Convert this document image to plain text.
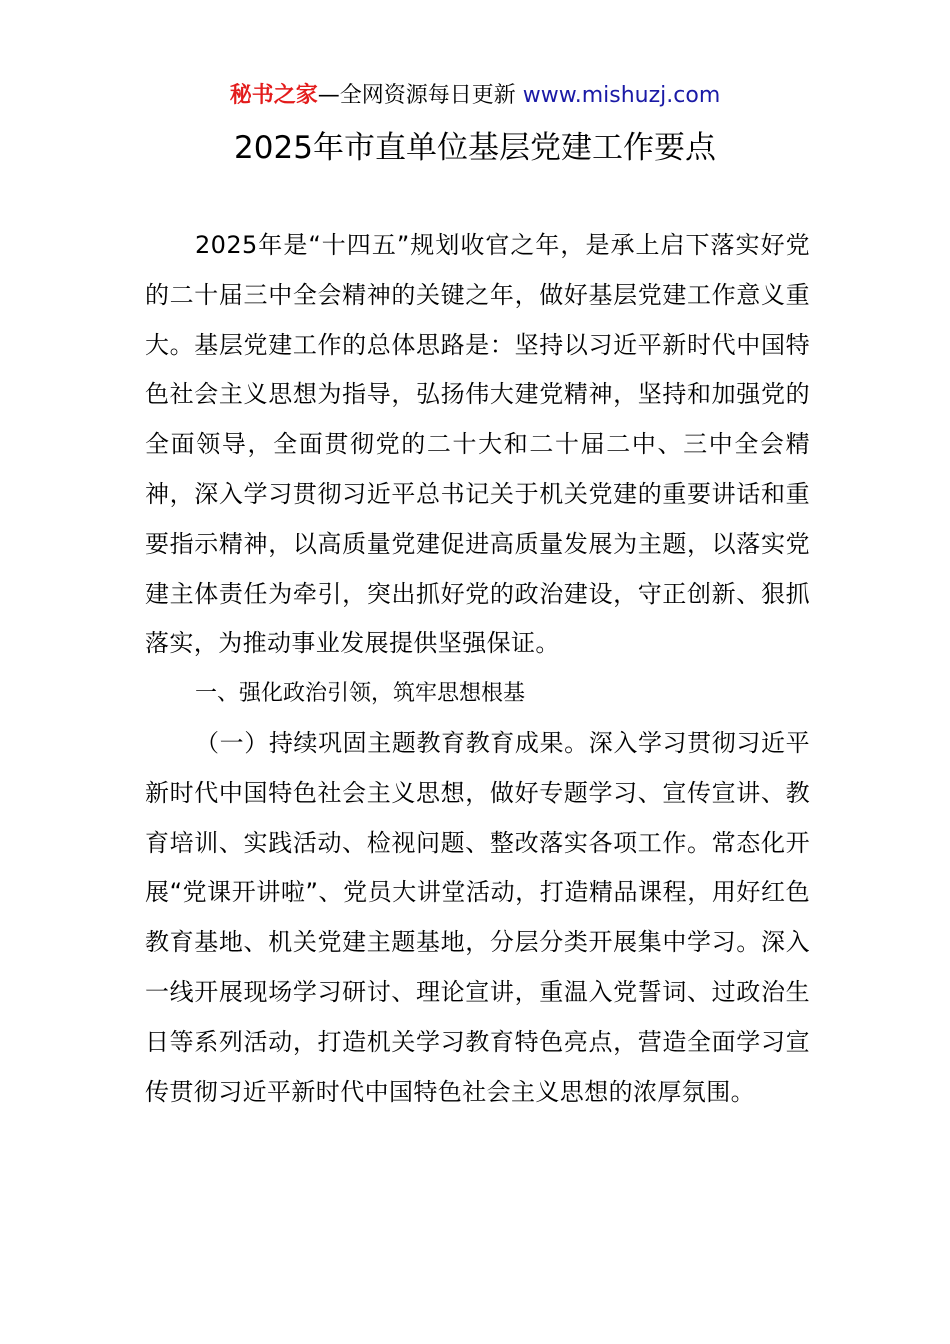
秘书之家—全网资源每日更新 www.mishuzj.com
2025年市直单位基层党建工作要点

2025年是“十四五”规划收官之年，是承上启下落实好党的二十届三中全会精神的关键之年，做好基层党建工作意义重大。基层党建工作的总体思路是：坚持以习近平新时代中国特色社会主义思想为指导，弘扬伟大建党精神，坚持和加强党的全面领导，全面贯彻党的二十大和二十届二中、三中全会精神，深入学习贯彻习近平总书记关于机关党建的重要讲话和重要指示精神，以高质量党建促进高质量发展为主题，以落实党建主体责任为牵引，突出抓好党的政治建设，守正创新、狠抓落实，为推动事业发展提供坚强保证。

一、强化政治引领，筑牢思想根基

（一）持续巩固主题教育教育成果。深入学习贯彻习近平新时代中国特色社会主义思想，做好专题学习、宣传宣讲、教育培训、实践活动、检视问题、整改落实各项工作。常态化开展“党课开讲啦”、党员大讲堂活动，打造精品课程，用好红色教育基地、机关党建主题基地，分层分类开展集中学习。深入一线开展现场学习研讨、理论宣讲，重温入党誓词、过政治生日等系列活动，打造机关学习教育特色亮点，营造全面学习宣传贯彻习近平新时代中国特色社会主义思想的浓厚氛围。
